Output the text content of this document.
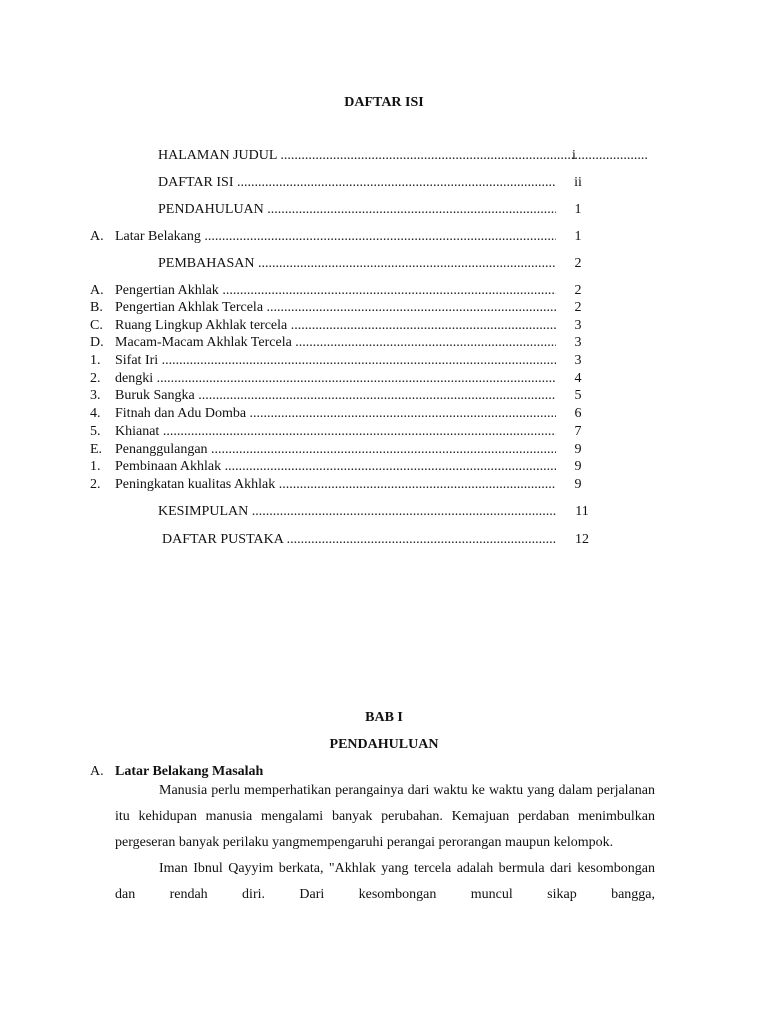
DAFTAR ISI
HALAMAN JUDUL .....	i
DAFTAR ISI .....	ii
PENDAHULUAN .....	1
A. Latar Belakang .....	1
PEMBAHASAN .....	2
A. Pengertian Akhlak .....	2
B. Pengertian Akhlak Tercela .....	2
C. Ruang Lingkup Akhlak tercela .....	3
D. Macam-Macam Akhlak Tercela .....	3
1. Sifat Iri .....	3
2. dengki .....	4
3. Buruk Sangka .....	5
4. Fitnah dan Adu Domba .....	6
5. Khianat .....	7
E. Penanggulangan .....	9
1. Pembinaan Akhlak .....	9
2. Peningkatan kualitas Akhlak .....	9
KESIMPULAN .....	11
DAFTAR PUSTAKA .....	12
BAB I
PENDAHULUAN
A. Latar Belakang Masalah

Manusia perlu memperhatikan perangainya dari waktu ke waktu yang dalam perjalanan itu kehidupan manusia mengalami banyak perubahan. Kemajuan perdaban menimbulkan pergeseran banyak perilaku yangmempengaruhi perangai perorangan maupun kelompok.

Iman Ibnul Qayyim berkata, "Akhlak yang tercela adalah bermula dari kesombongan dan rendah diri. Dari kesombongan muncul sikap bangga,
